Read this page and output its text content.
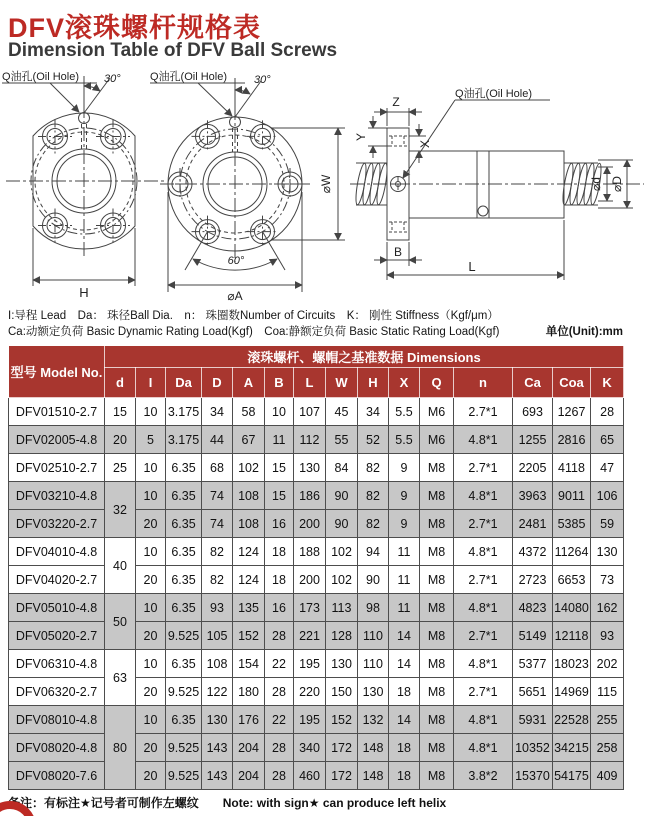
DFV滚珠螺杆规格表
Dimension Table of DFV Ball Screws
Q油孔(Oil Hole) 30°
H
Q油孔(Oil Hole) 30°
60°
⌀A
⌀W
Q油孔(Oil Hole)
Z
Y
X
B
L
⌀d ⌀D
I:导程 Lead　Da： 珠径Ball Dia.　n： 珠圈数Number of Circuits　K： 刚性 Stiffness（Kgf/μm）
Ca:动额定负荷 Basic Dynamic Rating Load(Kgf)　Coa:静额定负荷 Basic Static Rating Load(Kgf)	单位(Unit):mm
型号 Model No.	滚珠螺杆、螺帽之基准数据 Dimensions														
	d	I	Da	D	A	B	L	W	H	X	Q	n	Ca	Coa	K
DFV01510-2.7	15	10	3.175	34	58	10	107	45	34	5.5	M6	2.7*1	693	1267	28
DFV02005-4.8	20	5	3.175	44	67	11	112	55	52	5.5	M6	4.8*1	1255	2816	65
DFV02510-2.7	25	10	6.35	68	102	15	130	84	82	9	M8	2.7*1	2205	4118	47
DFV03210-4.8	32	10	6.35	74	108	15	186	90	82	9	M8	4.8*1	3963	9011	106
DFV03220-2.7		20	6.35	74	108	16	200	90	82	9	M8	2.7*1	2481	5385	59
DFV04010-4.8	40	10	6.35	82	124	18	188	102	94	11	M8	4.8*1	4372	11264	130
DFV04020-2.7		20	6.35	82	124	18	200	102	90	11	M8	2.7*1	2723	6653	73
DFV05010-4.8	50	10	6.35	93	135	16	173	113	98	11	M8	4.8*1	4823	14080	162
DFV05020-2.7		20	9.525	105	152	28	221	128	110	14	M8	2.7*1	5149	12118	93
DFV06310-4.8	63	10	6.35	108	154	22	195	130	110	14	M8	4.8*1	5377	18023	202
DFV06320-2.7		20	9.525	122	180	28	220	150	130	18	M8	2.7*1	5651	14969	115
DFV08010-4.8	80	10	6.35	130	176	22	195	152	132	14	M8	4.8*1	5931	22528	255
DFV08020-4.8		20	9.525	143	204	28	340	172	148	18	M8	4.8*1	10352	34215	258
DFV08020-7.6		20	9.525	143	204	28	460	172	148	18	M8	3.8*2	15370	54175	409
备注：有标注★记号者可制作左螺纹　　Note: with sign★ can produce left helix
